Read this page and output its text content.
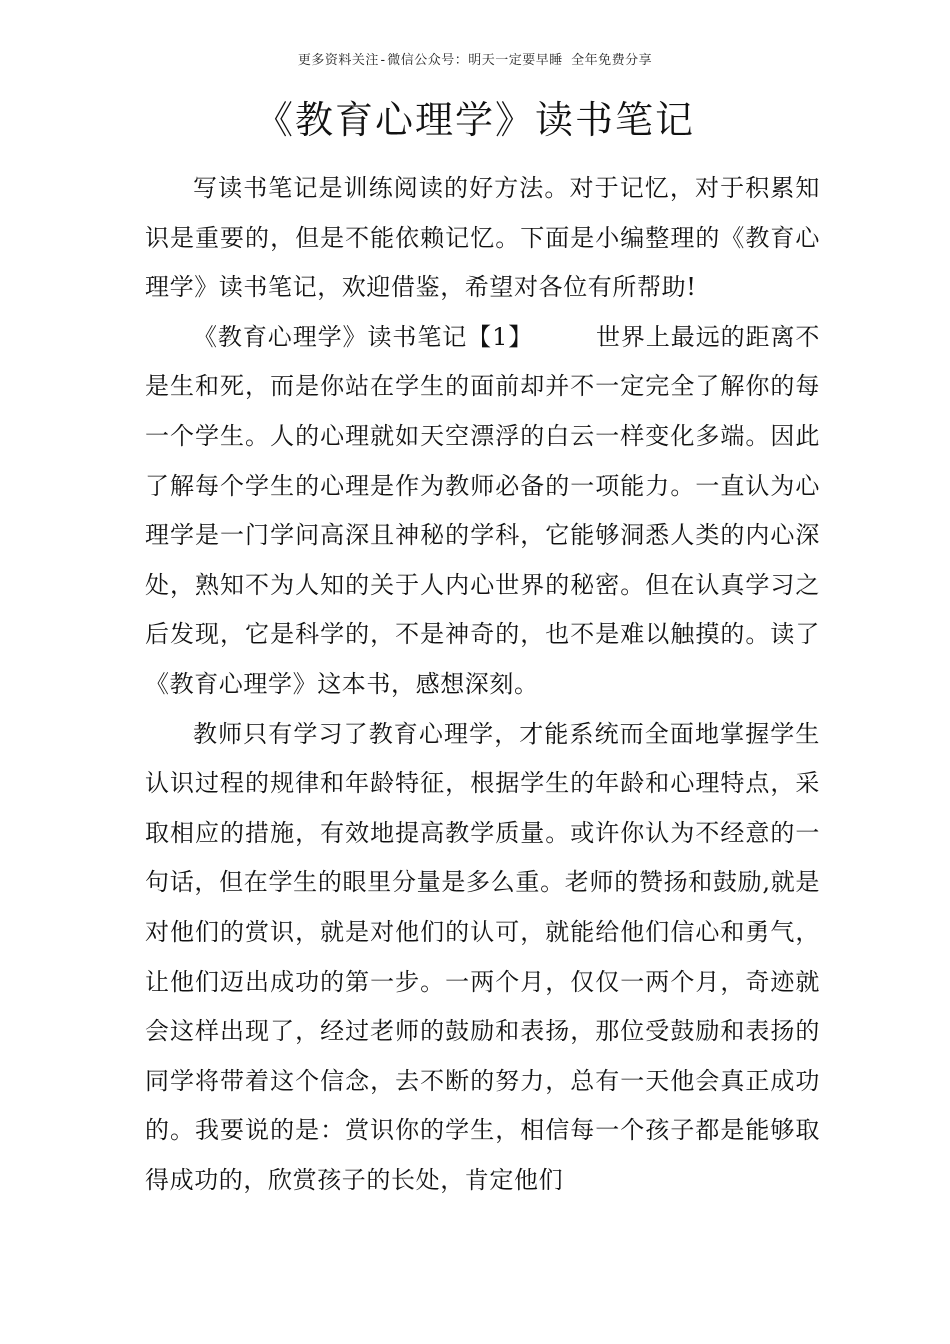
更多资料关注-微信公众号：明天一定要早睡 全年免费分享
《教育心理学》读书笔记

写读书笔记是训练阅读的好方法。对于记忆，对于积累知识是重要的，但是不能依赖记忆。下面是小编整理的《教育心理学》读书笔记，欢迎借鉴，希望对各位有所帮助!

《教育心理学》读书笔记【1】　　　	世界上最远的距离不是生和死，而是你站在学生的面前却并不一定完全了解你的每一个学生。人的心理就如天空漂浮的白云一样变化多端。因此了解每个学生的心理是作为教师必备的一项能力。一直认为心理学是一门学问高深且神秘的学科，它能够洞悉人类的内心深处，熟知不为人知的关于人内心世界的秘密。但在认真学习之后发现，它是科学的，不是神奇的，也不是难以触摸的。读了《教育心理学》这本书，感想深刻。

教师只有学习了教育心理学，才能系统而全面地掌握学生认识过程的规律和年龄特征，根据学生的年龄和心理特点，采取相应的措施，有效地提高教学质量。或许你认为不经意的一句话，但在学生的眼里分量是多么重。老师的赞扬和鼓励,就是对他们的赏识，就是对他们的认可，就能给他们信心和勇气，让他们迈出成功的第一步。一两个月，仅仅一两个月，奇迹就会这样出现了，经过老师的鼓励和表扬，那位受鼓励和表扬的同学将带着这个信念，去不断的努力，总有一天他会真正成功的。我要说的是：赏识你的学生，相信每一个孩子都是能够取得成功的，欣赏孩子的长处，肯定他们
